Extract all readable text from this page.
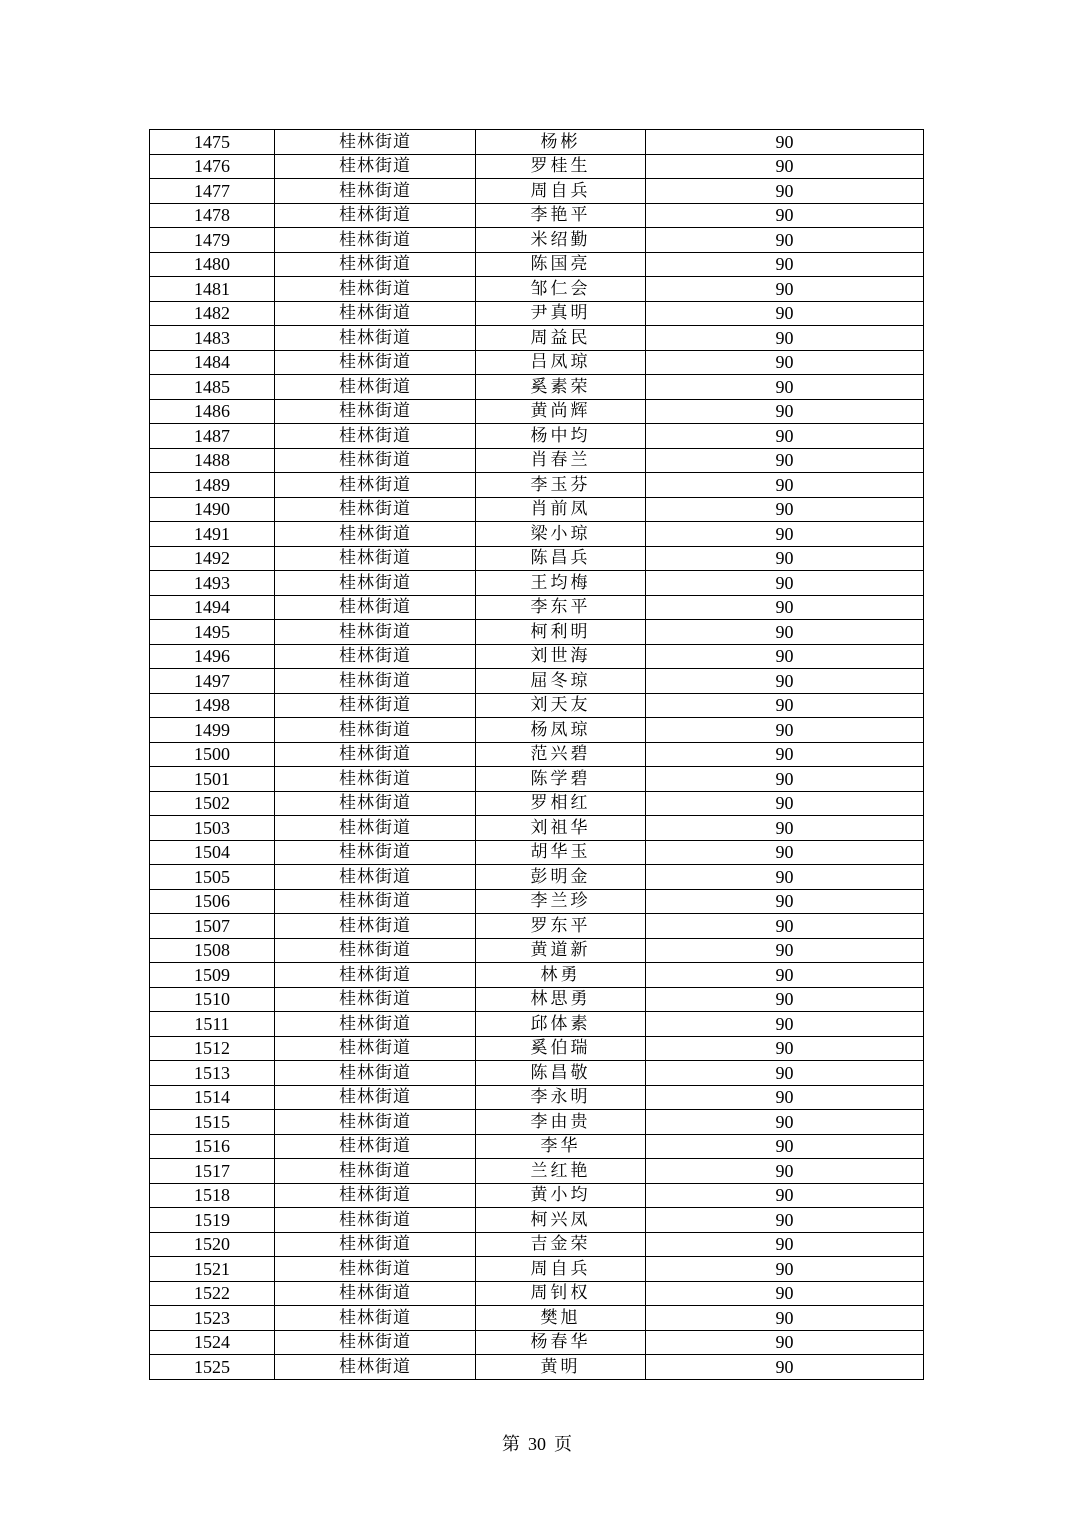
1475	桂林街道	杨彬	90
1476	桂林街道	罗桂生	90
1477	桂林街道	周自兵	90
1478	桂林街道	李艳平	90
1479	桂林街道	米绍勤	90
1480	桂林街道	陈国亮	90
1481	桂林街道	邹仁会	90
1482	桂林街道	尹真明	90
1483	桂林街道	周益民	90
1484	桂林街道	吕凤琼	90
1485	桂林街道	奚素荣	90
1486	桂林街道	黄尚辉	90
1487	桂林街道	杨中均	90
1488	桂林街道	肖春兰	90
1489	桂林街道	李玉芬	90
1490	桂林街道	肖前凤	90
1491	桂林街道	梁小琼	90
1492	桂林街道	陈昌兵	90
1493	桂林街道	王均梅	90
1494	桂林街道	李东平	90
1495	桂林街道	柯利明	90
1496	桂林街道	刘世海	90
1497	桂林街道	屈冬琼	90
1498	桂林街道	刘天友	90
1499	桂林街道	杨凤琼	90
1500	桂林街道	范兴碧	90
1501	桂林街道	陈学碧	90
1502	桂林街道	罗相红	90
1503	桂林街道	刘祖华	90
1504	桂林街道	胡华玉	90
1505	桂林街道	彭明金	90
1506	桂林街道	李兰珍	90
1507	桂林街道	罗东平	90
1508	桂林街道	黄道新	90
1509	桂林街道	林勇	90
1510	桂林街道	林思勇	90
1511	桂林街道	邱体素	90
1512	桂林街道	奚伯瑞	90
1513	桂林街道	陈昌敬	90
1514	桂林街道	李永明	90
1515	桂林街道	李由贵	90
1516	桂林街道	李华	90
1517	桂林街道	兰红艳	90
1518	桂林街道	黄小均	90
1519	桂林街道	柯兴凤	90
1520	桂林街道	吉金荣	90
1521	桂林街道	周自兵	90
1522	桂林街道	周钊权	90
1523	桂林街道	樊旭	90
1524	桂林街道	杨春华	90
1525	桂林街道	黄明	90
第 30 页
